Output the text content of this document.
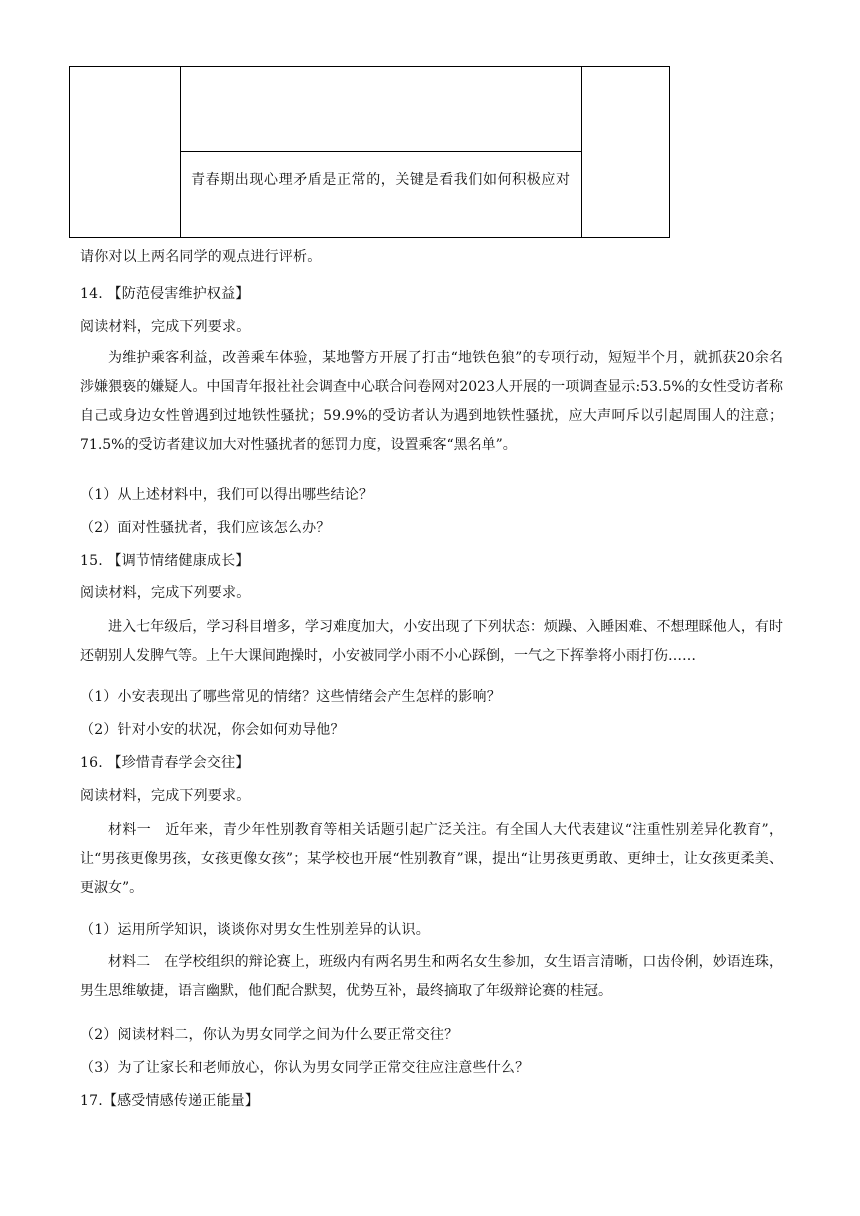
青春期出现心理矛盾是正常的，关键是看我们如何积极应对
请你对以上两名同学的观点进行评析。
14. 【防范侵害维护权益】
阅读材料，完成下列要求。

为维护乘客利益，改善乘车体验，某地警方开展了打击“地铁色狼”的专项行动，短短半个月，就抓获20余名涉嫌猥亵的嫌疑人。中国青年报社社会调查中心联合问卷网对2023人开展的一项调查显示:53.5%的女性受访者称自己或身边女性曾遇到过地铁性骚扰；59.9%的受访者认为遇到地铁性骚扰，应大声呵斥以引起周围人的注意；71.5%的受访者建议加大对性骚扰者的惩罚力度，设置乘客“黑名单”。

（1）从上述材料中，我们可以得出哪些结论？
（2）面对性骚扰者，我们应该怎么办？
15. 【调节情绪健康成长】
阅读材料，完成下列要求。

进入七年级后，学习科目增多，学习难度加大，小安出现了下列状态：烦躁、入睡困难、不想理睬他人，有时还朝别人发脾气等。上午大课间跑操时，小安被同学小雨不小心踩倒，一气之下挥拳将小雨打伤……

（1）小安表现出了哪些常见的情绪？这些情绪会产生怎样的影响？
（2）针对小安的状况，你会如何劝导他？
16. 【珍惜青春学会交往】
阅读材料，完成下列要求。

材料一　近年来，青少年性别教育等相关话题引起广泛关注。有全国人大代表建议“注重性别差异化教育”，让“男孩更像男孩，女孩更像女孩”；某学校也开展“性别教育”课，提出“让男孩更勇敢、更绅士，让女孩更柔美、更淑女”。

（1）运用所学知识，谈谈你对男女生性别差异的认识。

材料二　在学校组织的辩论赛上，班级内有两名男生和两名女生参加，女生语言清晰，口齿伶俐，妙语连珠，男生思维敏捷，语言幽默，他们配合默契，优势互补，最终摘取了年级辩论赛的桂冠。

（2）阅读材料二，你认为男女同学之间为什么要正常交往？
（3）为了让家长和老师放心，你认为男女同学正常交往应注意些什么？
17.【感受情感传递正能量】
